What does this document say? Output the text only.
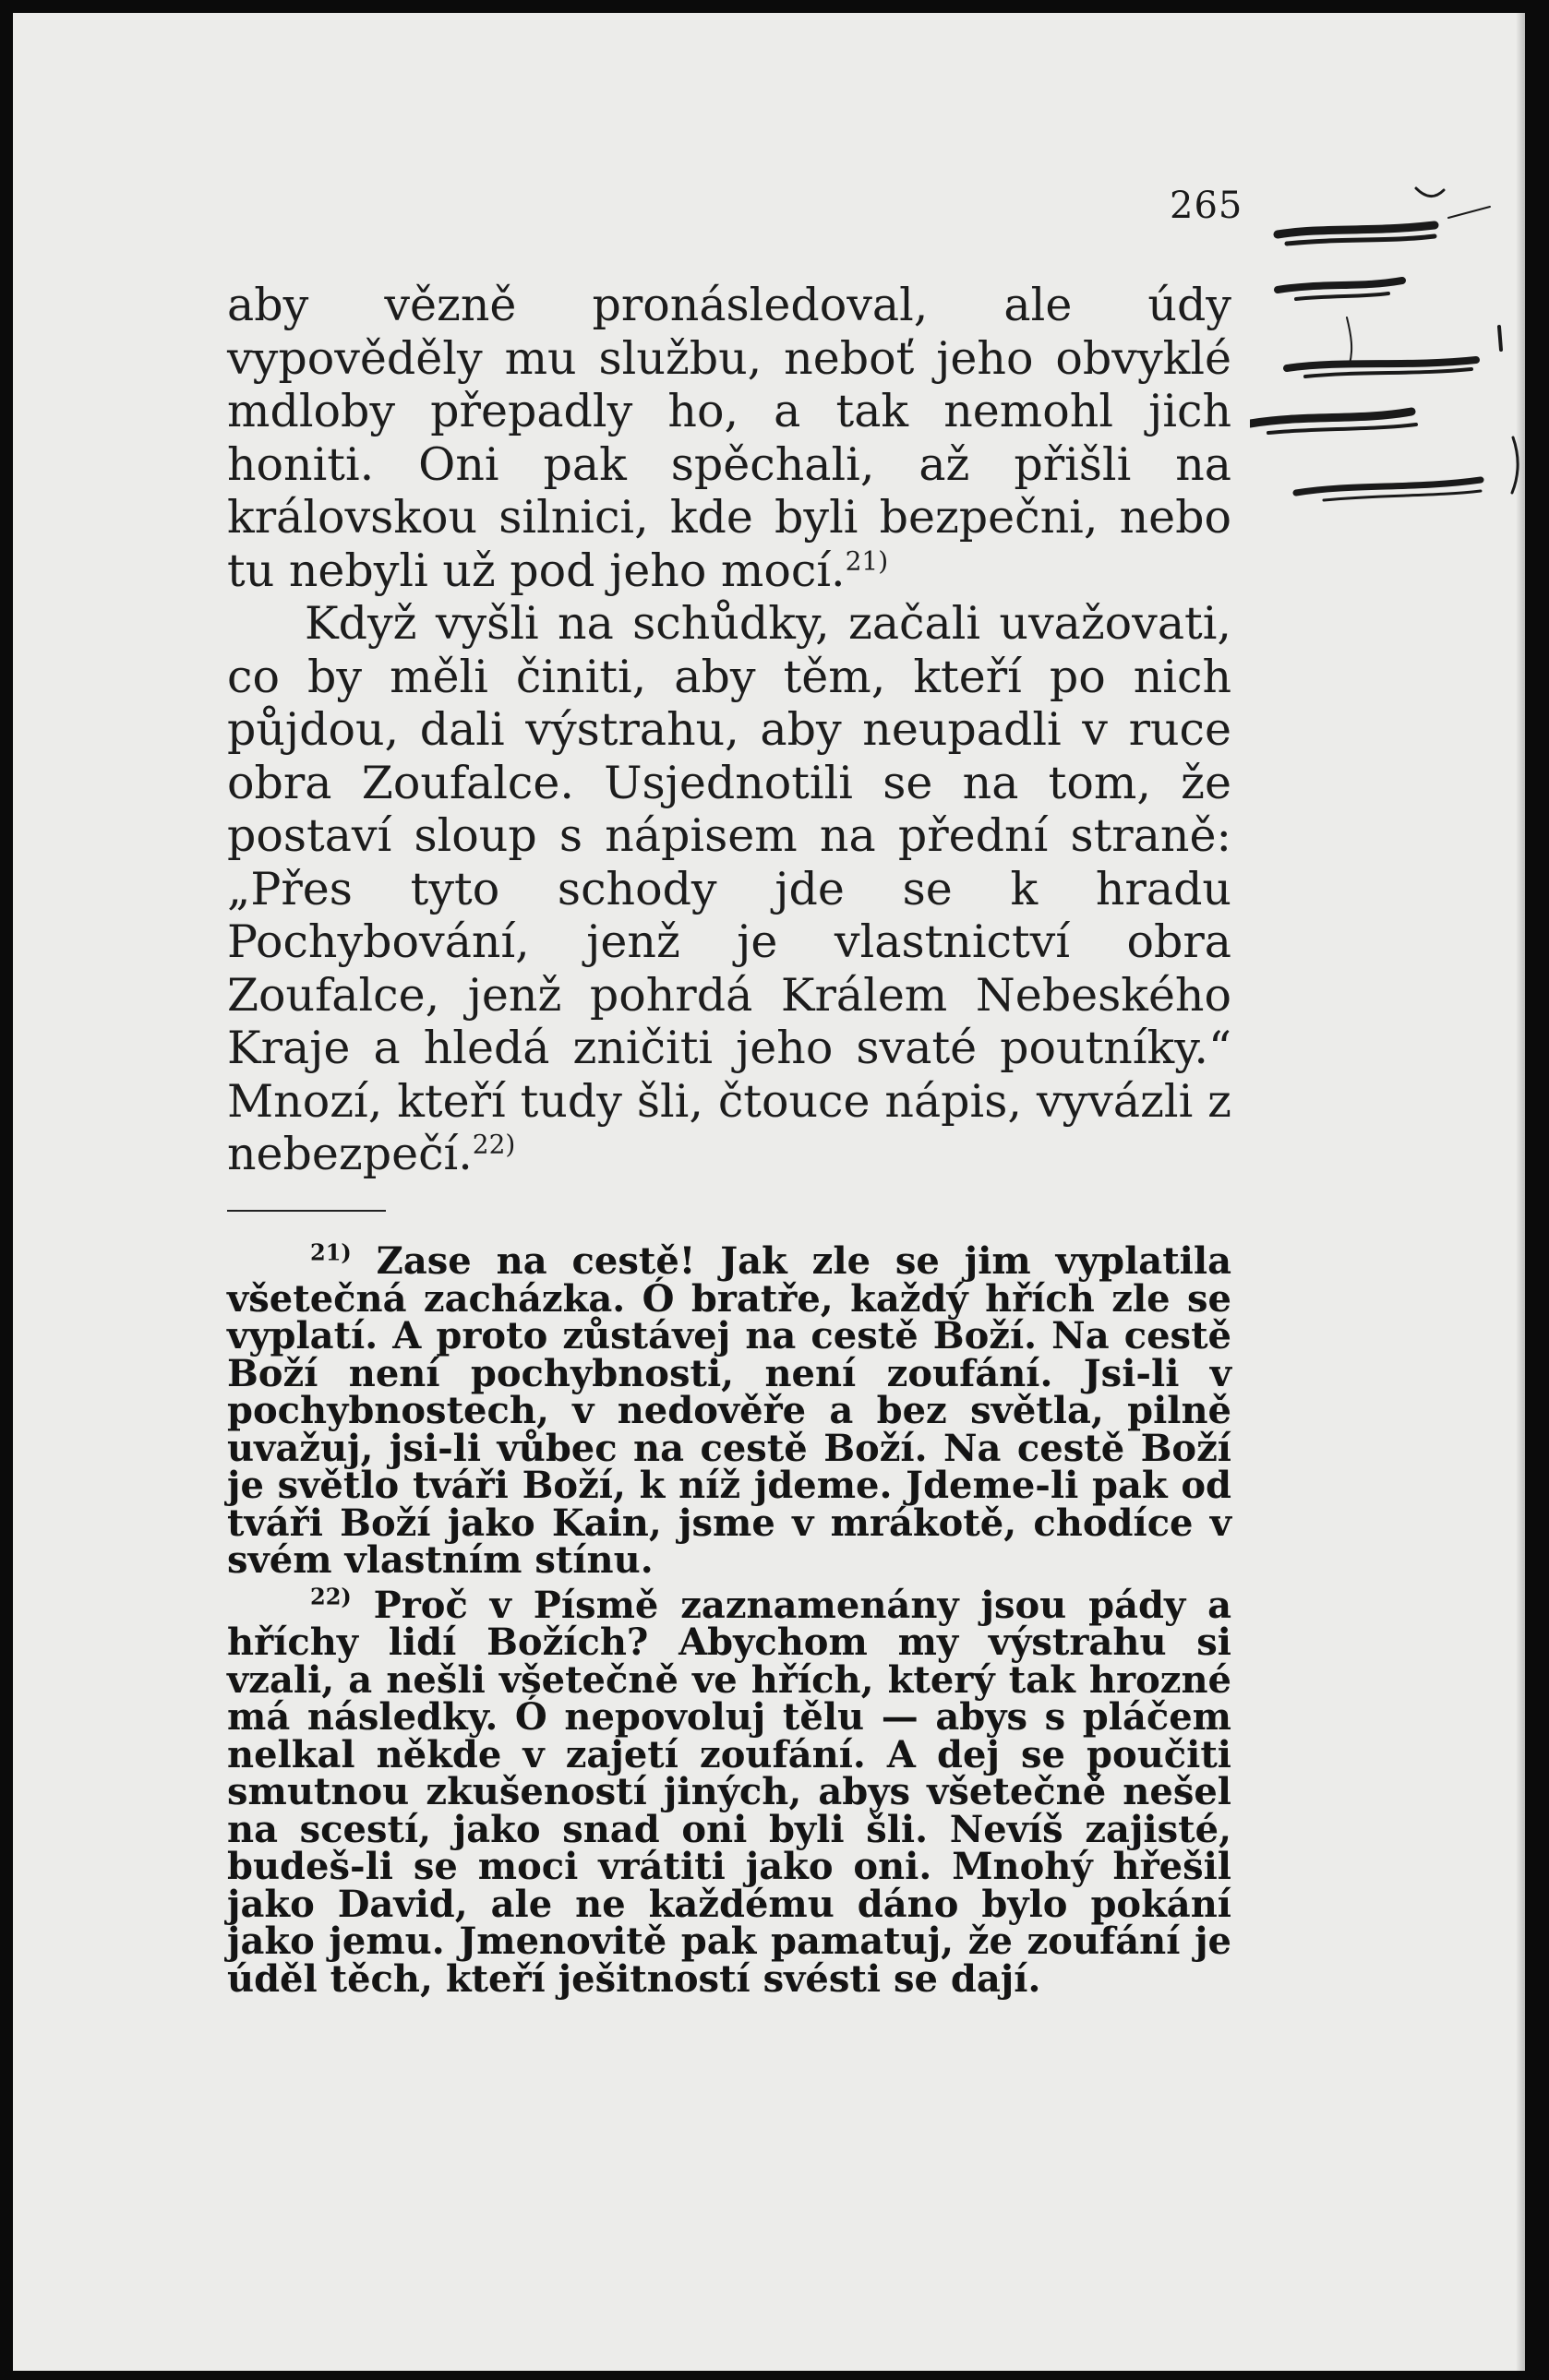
265

aby vězně pronásledoval, ale údy vypověděly mu službu, neboť jeho obvyklé mdloby přepadly ho, a tak nemohl jich honiti. Oni pak spěchali, až přišli na královskou silnici, kde byli bezpečni, nebo tu nebyli už pod jeho mocí.$^{21)}$

Když vyšli na schůdky, začali uvažovati, co by měli činiti, aby těm, kteří po nich půjdou, dali výstrahu, aby neupadli v ruce obra Zoufalce. Usjednotili se na tom, že postaví sloup s nápisem na přední straně: „Přes tyto schody jde se k hradu Pochybování, jenž je vlastnictví obra Zoufalce, jenž pohrdá Králem Nebeského Kraje a hledá zničiti jeho svaté poutníky.“ Mnozí, kteří tudy šli, čtouce nápis, vyvázli z nebezpečí.$^{22)}$

$^{21)}$ Zase na cestě! Jak zle se jim vyplatila všetečná zacházka. Ó bratře, každý hřích zle se vyplatí. A proto zůstávej na cestě Boží. Na cestě Boží není pochybnosti, není zoufání. Jsi-li v pochybnostech, v nedověře a bez světla, pilně uvažuj, jsi-li vůbec na cestě Boží. Na cestě Boží je světlo tváři Boží, k níž jdeme. Jdeme-li pak od tváři Boží jako Kain, jsme v mrákotě, chodíce v svém vlastním stínu.

$^{22)}$ Proč v Písmě zaznamenány jsou pády a hříchy lidí Božích? Abychom my výstrahu si vzali, a nešli všetečně ve hřích, který tak hrozné má následky. Ó nepovoluj tělu — abys s pláčem nelkal někde v zajetí zoufání. A dej se poučiti smutnou zkušeností jiných, abys všetečně nešel na scestí, jako snad oni byli šli. Nevíš zajisté, budeš-li se moci vrátiti jako oni. Mnohý hřešil jako David, ale ne každému dáno bylo pokání jako jemu. Jmenovitě pak pamatuj, že zoufání je úděl těch, kteří ješitností svésti se dají.
